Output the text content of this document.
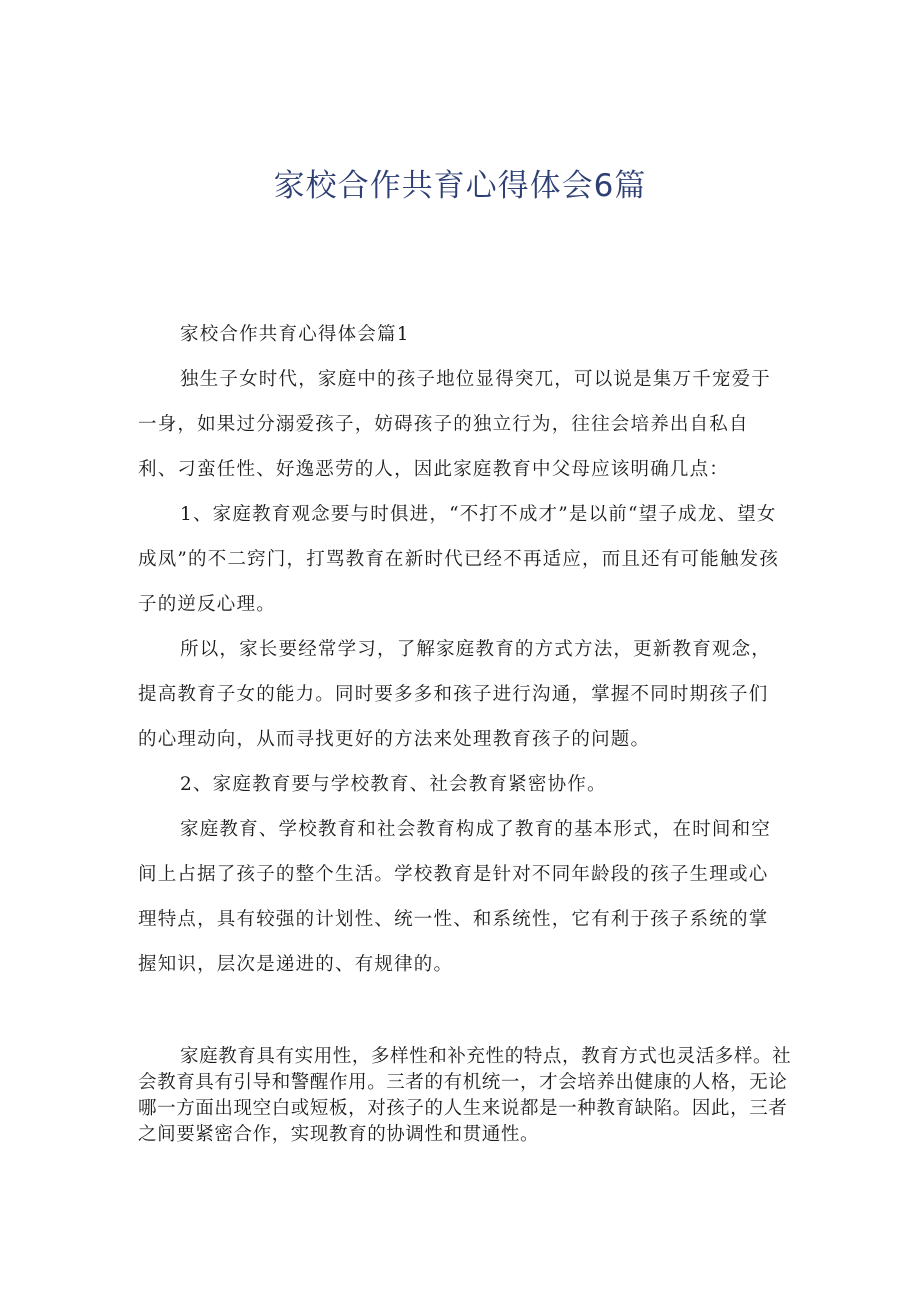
家校合作共育心得体会6篇

家校合作共育心得体会篇1

独生子女时代，家庭中的孩子地位显得突兀，可以说是集万千宠爱于一身，如果过分溺爱孩子，妨碍孩子的独立行为，往往会培养出自私自利、刁蛮任性、好逸恶劳的人，因此家庭教育中父母应该明确几点：

1、家庭教育观念要与时俱进，“不打不成才”是以前“望子成龙、望女成凤”的不二窍门，打骂教育在新时代已经不再适应，而且还有可能触发孩子的逆反心理。

所以，家长要经常学习，了解家庭教育的方式方法，更新教育观念，提高教育子女的能力。同时要多多和孩子进行沟通，掌握不同时期孩子们的心理动向，从而寻找更好的方法来处理教育孩子的问题。

2、家庭教育要与学校教育、社会教育紧密协作。

家庭教育、学校教育和社会教育构成了教育的基本形式，在时间和空间上占据了孩子的整个生活。学校教育是针对不同年龄段的孩子生理或心理特点，具有较强的计划性、统一性、和系统性，它有利于孩子系统的掌握知识，层次是递进的、有规律的。

家庭教育具有实用性，多样性和补充性的特点，教育方式也灵活多样。社会教育具有引导和警醒作用。三者的有机统一，才会培养出健康的人格，无论哪一方面出现空白或短板，对孩子的人生来说都是一种教育缺陷。因此，三者之间要紧密合作，实现教育的协调性和贯通性。
